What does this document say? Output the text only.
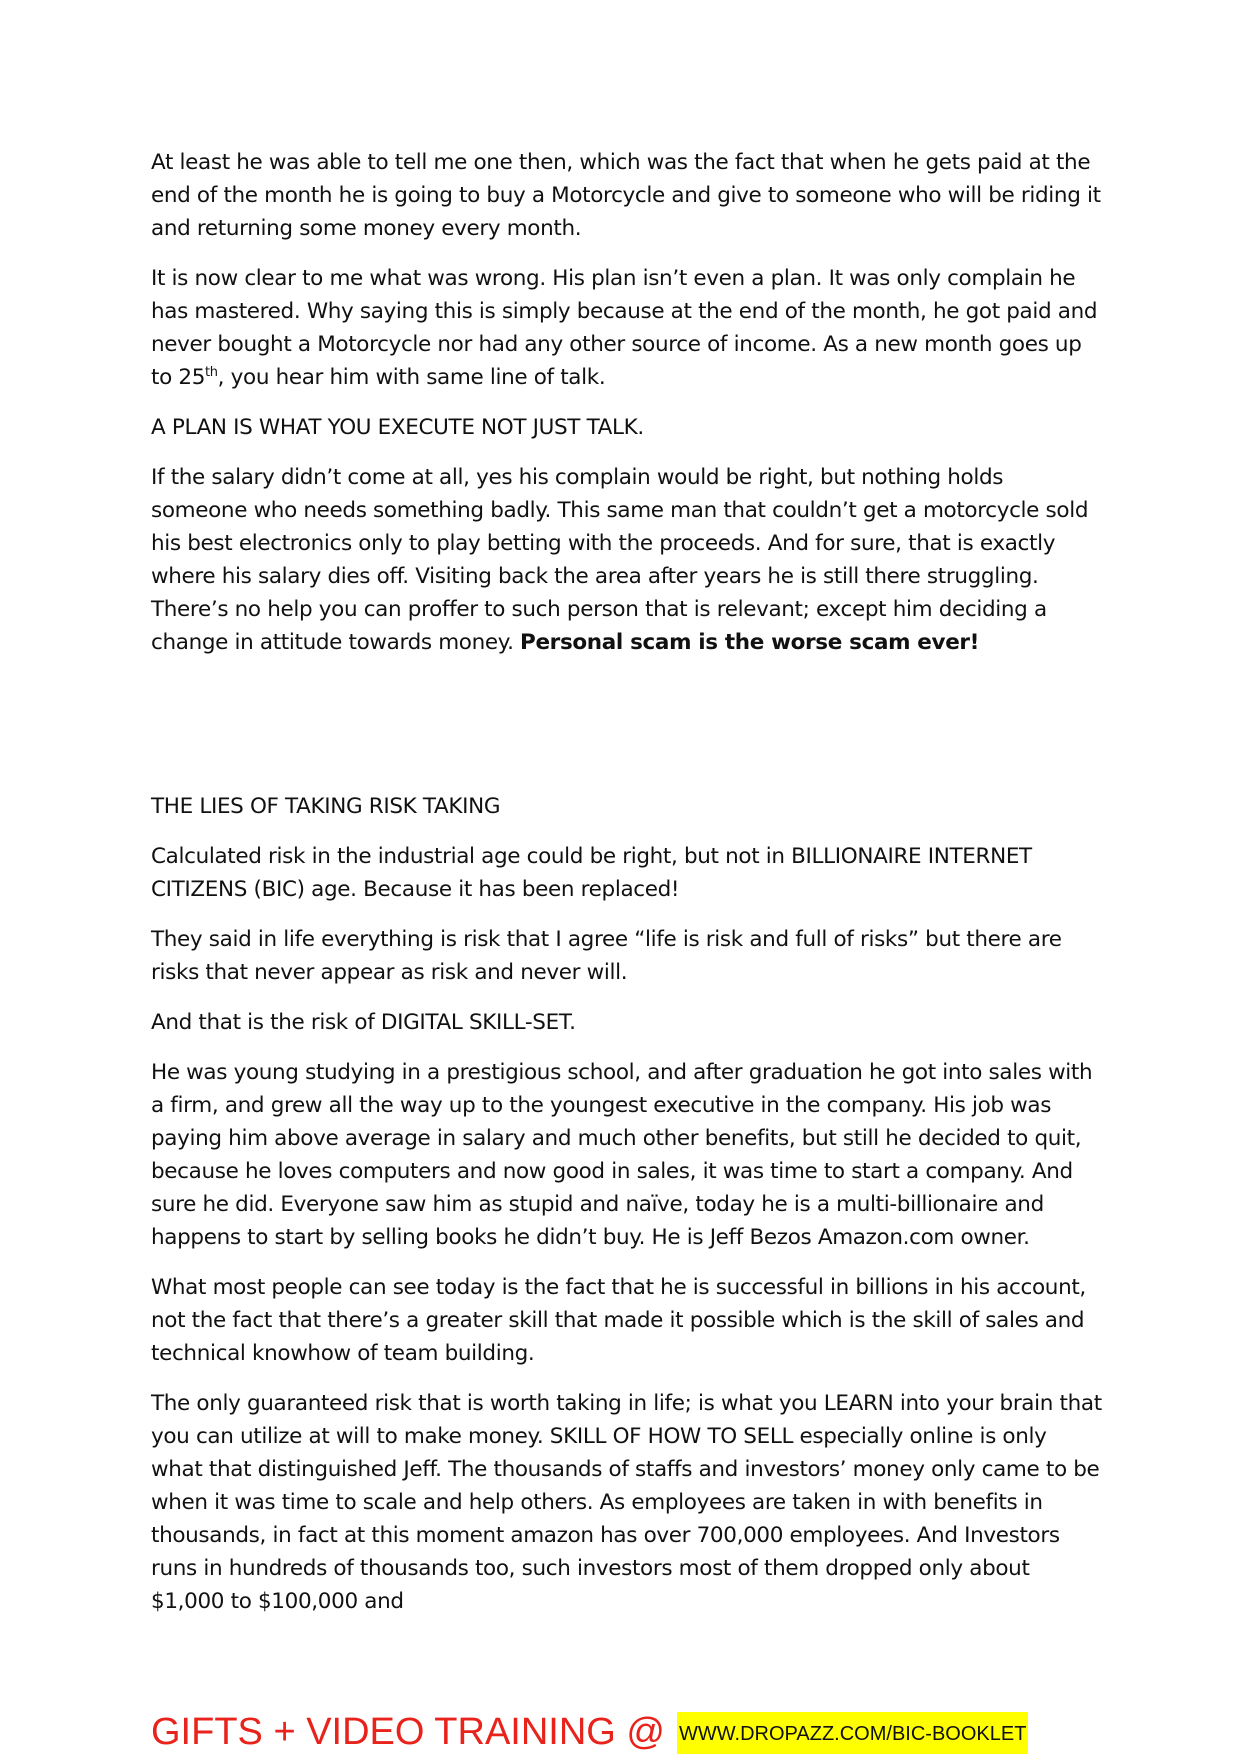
At least he was able to tell me one then, which was the fact that when he gets paid at the end of the month he is going to buy a Motorcycle and give to someone who will be riding it and returning some money every month.

It is now clear to me what was wrong. His plan isn’t even a plan. It was only complain he has mastered. Why saying this is simply because at the end of the month, he got paid and never bought a Motorcycle nor had any other source of income. As a new month goes up to 25th, you hear him with same line of talk.

A PLAN IS WHAT YOU EXECUTE NOT JUST TALK.

If the salary didn’t come at all, yes his complain would be right, but nothing holds someone who needs something badly. This same man that couldn’t get a motorcycle sold his best electronics only to play betting with the proceeds. And for sure, that is exactly where his salary dies off. Visiting back the area after years he is still there struggling. There’s no help you can proffer to such person that is relevant; except him deciding a change in attitude towards money. Personal scam is the worse scam ever!

THE LIES OF TAKING RISK TAKING

Calculated risk in the industrial age could be right, but not in BILLIONAIRE INTERNET CITIZENS (BIC) age. Because it has been replaced!

They said in life everything is risk that I agree “life is risk and full of risks” but there are risks that never appear as risk and never will.

And that is the risk of DIGITAL SKILL-SET.

He was young studying in a prestigious school, and after graduation he got into sales with a firm, and grew all the way up to the youngest executive in the company. His job was paying him above average in salary and much other benefits, but still he decided to quit, because he loves computers and now good in sales, it was time to start a company. And sure he did. Everyone saw him as stupid and naïve, today he is a multi-billionaire and happens to start by selling books he didn’t buy. He is Jeff Bezos Amazon.com owner.

What most people can see today is the fact that he is successful in billions in his account, not the fact that there’s a greater skill that made it possible which is the skill of sales and technical knowhow of team building.

The only guaranteed risk that is worth taking in life; is what you LEARN into your brain that you can utilize at will to make money. SKILL OF HOW TO SELL especially online is only what that distinguished Jeff. The thousands of staffs and investors’ money only came to be when it was time to scale and help others. As employees are taken in with benefits in thousands, in fact at this moment amazon has over 700,000 employees. And Investors runs in hundreds of thousands too, such investors most of them dropped only about $1,000 to $100,000 and

GIFTS + VIDEO TRAINING @ WWW.DROPAZZ.COM/BIC-BOOKLET
